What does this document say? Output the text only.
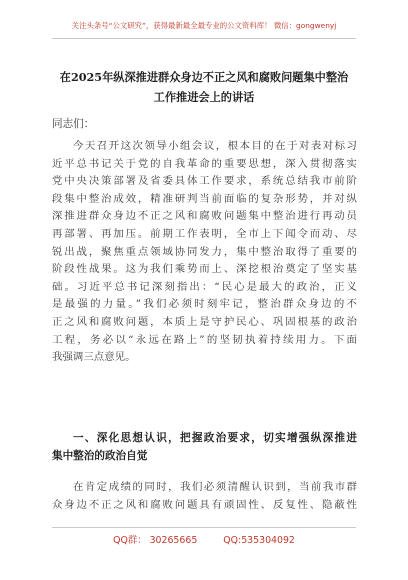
关注头条号“公文研究”，获得最新最全最专业的公文资料库！ 微信：gongwenyj
在2025年纵深推进群众身边不正之风和腐败问题集中整治
工作推进会上的讲话
同志们：
今天召开这次领导小组会议，根本目的在于对表对标习
近平总书记关于党的自我革命的重要思想，深入贯彻落实
党中央决策部署及省委具体工作要求，系统总结我市前阶
段集中整治成效，精准研判当前面临的复杂形势，并对纵
深推进群众身边不正之风和腐败问题集中整治进行再动员
再部署、再加压。前期工作表明，全市上下闻令而动、尽
锐出战，聚焦重点领域协同发力，集中整治取得了重要的
阶段性战果。这为我们乘势而上、深挖根治奠定了坚实基
础。习近平总书记深刻指出：“民心是最大的政治，正义
是最强的力量。”我们必须时刻牢记，整治群众身边的不
正之风和腐败问题，本质上是守护民心、巩固根基的政治
工程，务必以“永远在路上”的坚韧执着持续用力。下面
我强调三点意见。
一、深化思想认识，把握政治要求，切实增强纵深推进
集中整治的政治自觉
在肯定成绩的同时，我们必须清醒认识到，当前我市群
众身边不正之风和腐败问题具有顽固性、反复性、隐蔽性
QQ群： 30265665	QQ:535304092
